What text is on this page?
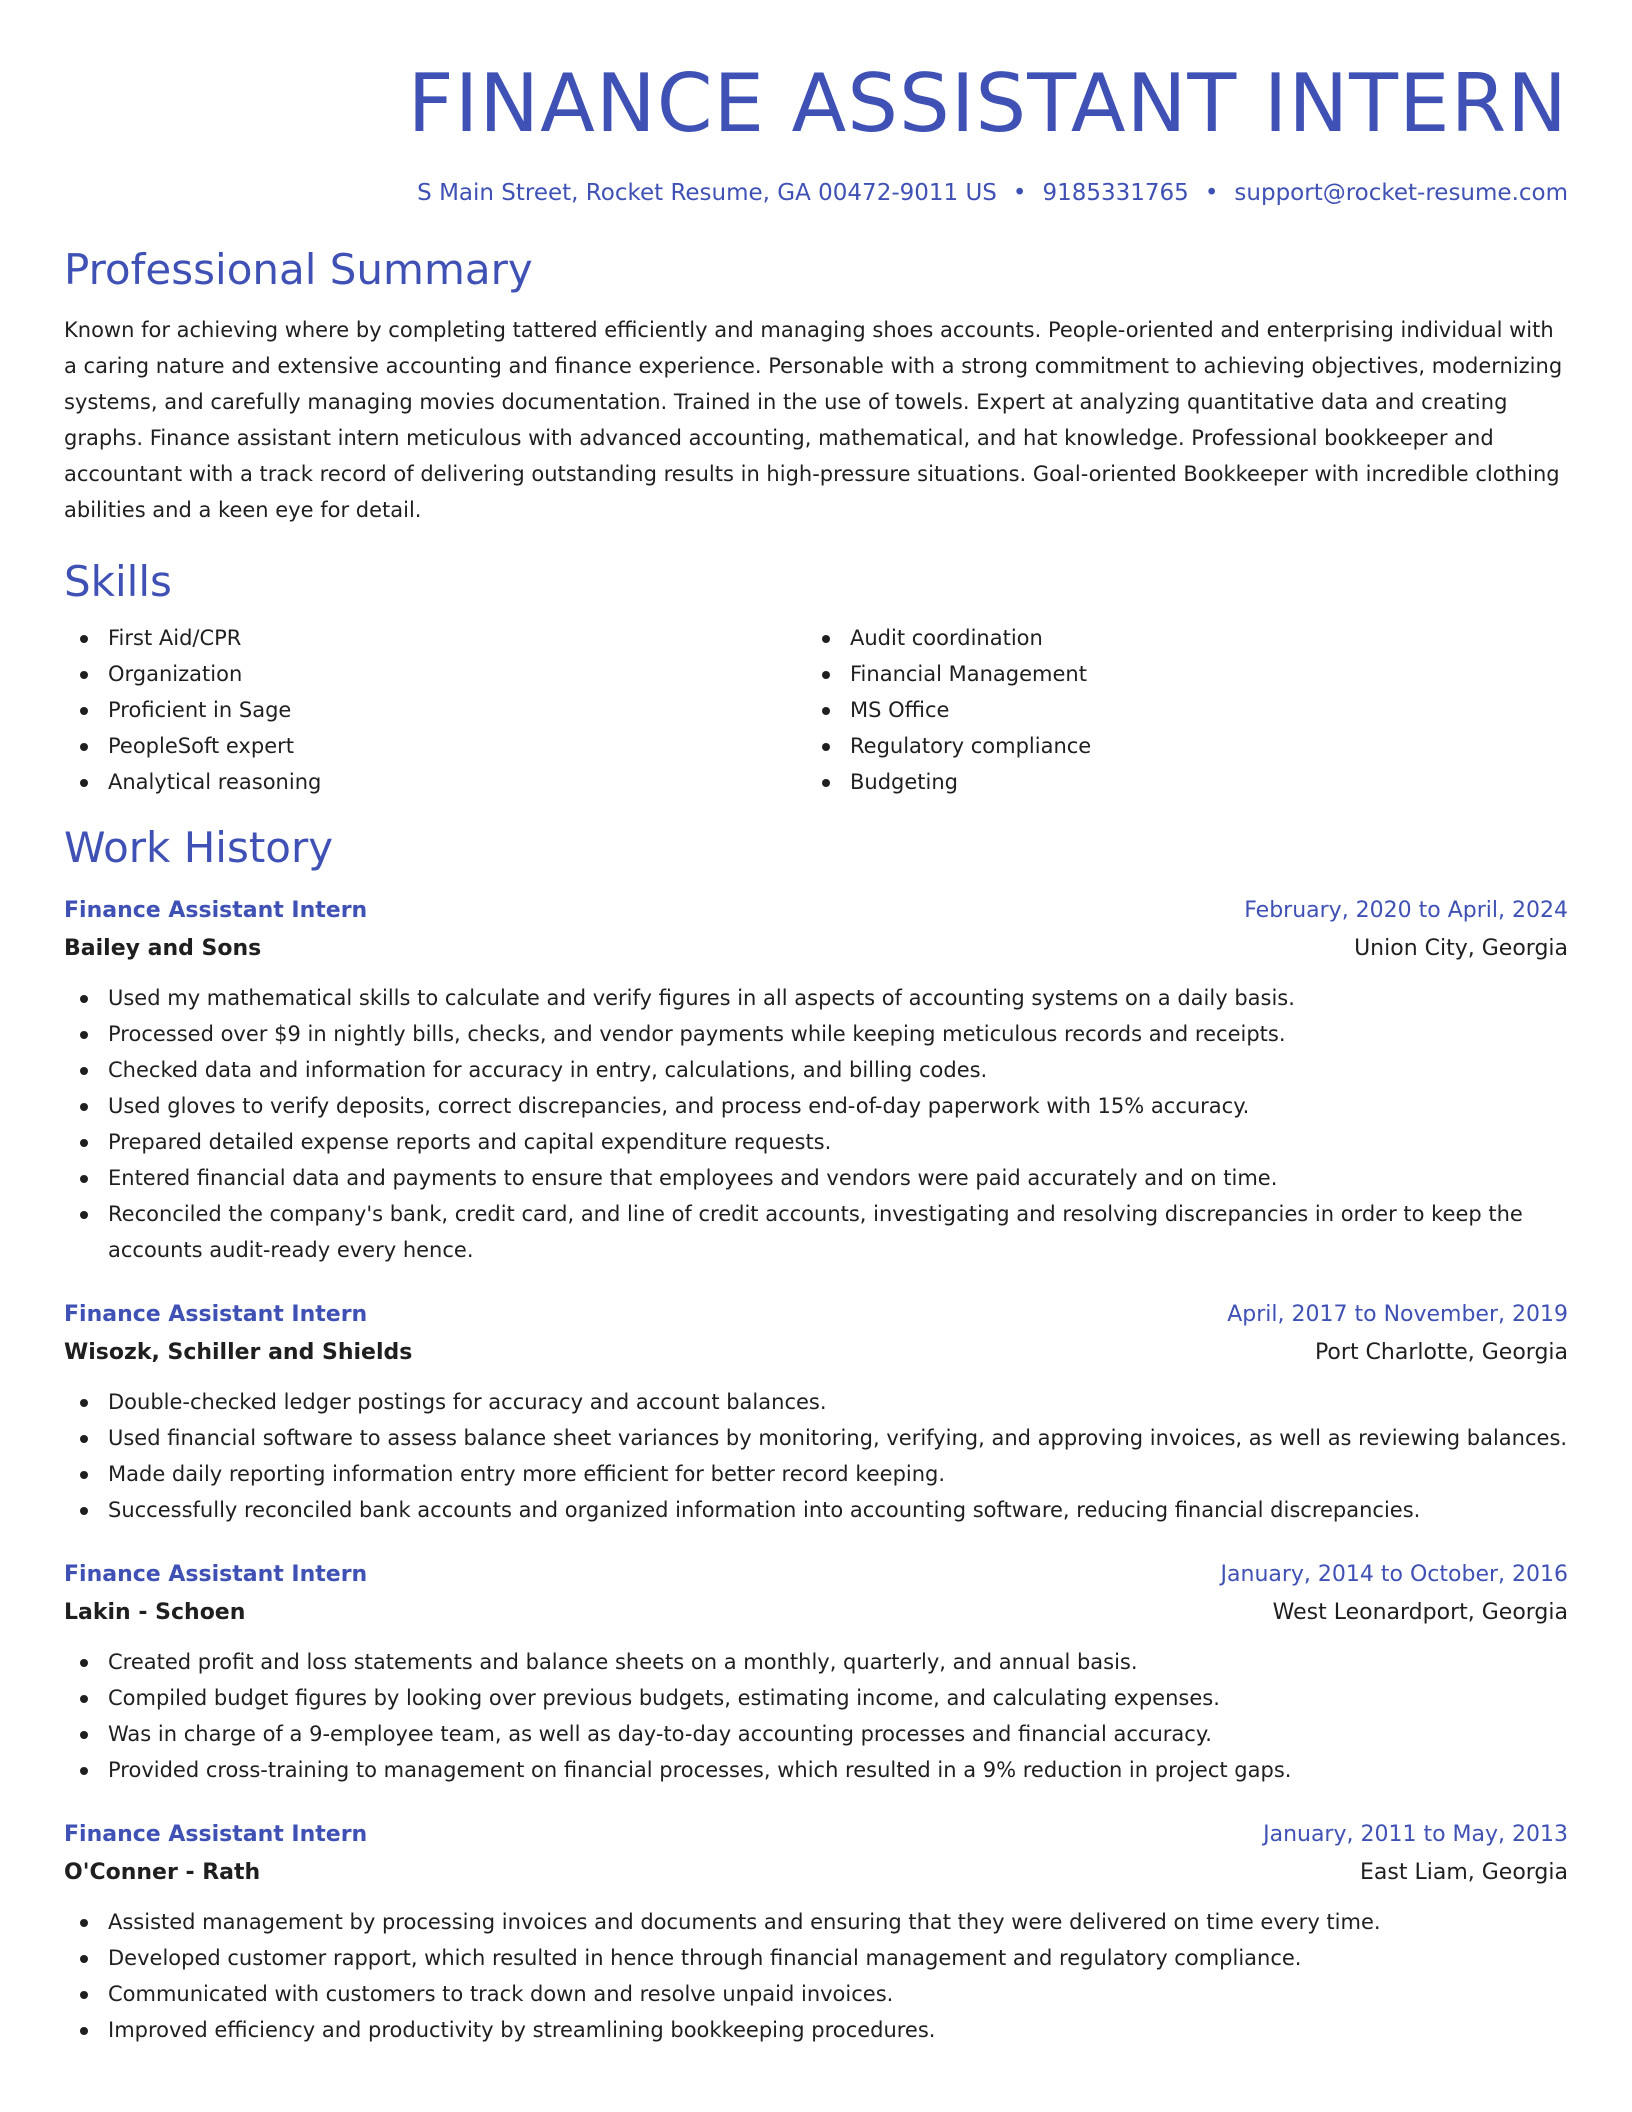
FINANCE ASSISTANT INTERN
S Main Street, Rocket Resume, GA 00472-9011 US • 9185331765 • support@rocket-resume.com
Professional Summary
Known for achieving where by completing tattered efficiently and managing shoes accounts. People-oriented and enterprising individual with a caring nature and extensive accounting and finance experience. Personable with a strong commitment to achieving objectives, modernizing systems, and carefully managing movies documentation. Trained in the use of towels. Expert at analyzing quantitative data and creating graphs. Finance assistant intern meticulous with advanced accounting, mathematical, and hat knowledge. Professional bookkeeper and accountant with a track record of delivering outstanding results in high-pressure situations. Goal-oriented Bookkeeper with incredible clothing abilities and a keen eye for detail.
Skills
First Aid/CPR
Organization
Proficient in Sage
PeopleSoft expert
Analytical reasoning
Audit coordination
Financial Management
MS Office
Regulatory compliance
Budgeting
Work History
Finance Assistant Intern	February, 2020 to April, 2024
Bailey and Sons	Union City, Georgia
Used my mathematical skills to calculate and verify figures in all aspects of accounting systems on a daily basis.
Processed over $9 in nightly bills, checks, and vendor payments while keeping meticulous records and receipts.
Checked data and information for accuracy in entry, calculations, and billing codes.
Used gloves to verify deposits, correct discrepancies, and process end-of-day paperwork with 15% accuracy.
Prepared detailed expense reports and capital expenditure requests.
Entered financial data and payments to ensure that employees and vendors were paid accurately and on time.
Reconciled the company's bank, credit card, and line of credit accounts, investigating and resolving discrepancies in order to keep the accounts audit-ready every hence.
Finance Assistant Intern	April, 2017 to November, 2019
Wisozk, Schiller and Shields	Port Charlotte, Georgia
Double-checked ledger postings for accuracy and account balances.
Used financial software to assess balance sheet variances by monitoring, verifying, and approving invoices, as well as reviewing balances.
Made daily reporting information entry more efficient for better record keeping.
Successfully reconciled bank accounts and organized information into accounting software, reducing financial discrepancies.
Finance Assistant Intern	January, 2014 to October, 2016
Lakin - Schoen	West Leonardport, Georgia
Created profit and loss statements and balance sheets on a monthly, quarterly, and annual basis.
Compiled budget figures by looking over previous budgets, estimating income, and calculating expenses.
Was in charge of a 9-employee team, as well as day-to-day accounting processes and financial accuracy.
Provided cross-training to management on financial processes, which resulted in a 9% reduction in project gaps.
Finance Assistant Intern	January, 2011 to May, 2013
O'Conner - Rath	East Liam, Georgia
Assisted management by processing invoices and documents and ensuring that they were delivered on time every time.
Developed customer rapport, which resulted in hence through financial management and regulatory compliance.
Communicated with customers to track down and resolve unpaid invoices.
Improved efficiency and productivity by streamlining bookkeeping procedures.
